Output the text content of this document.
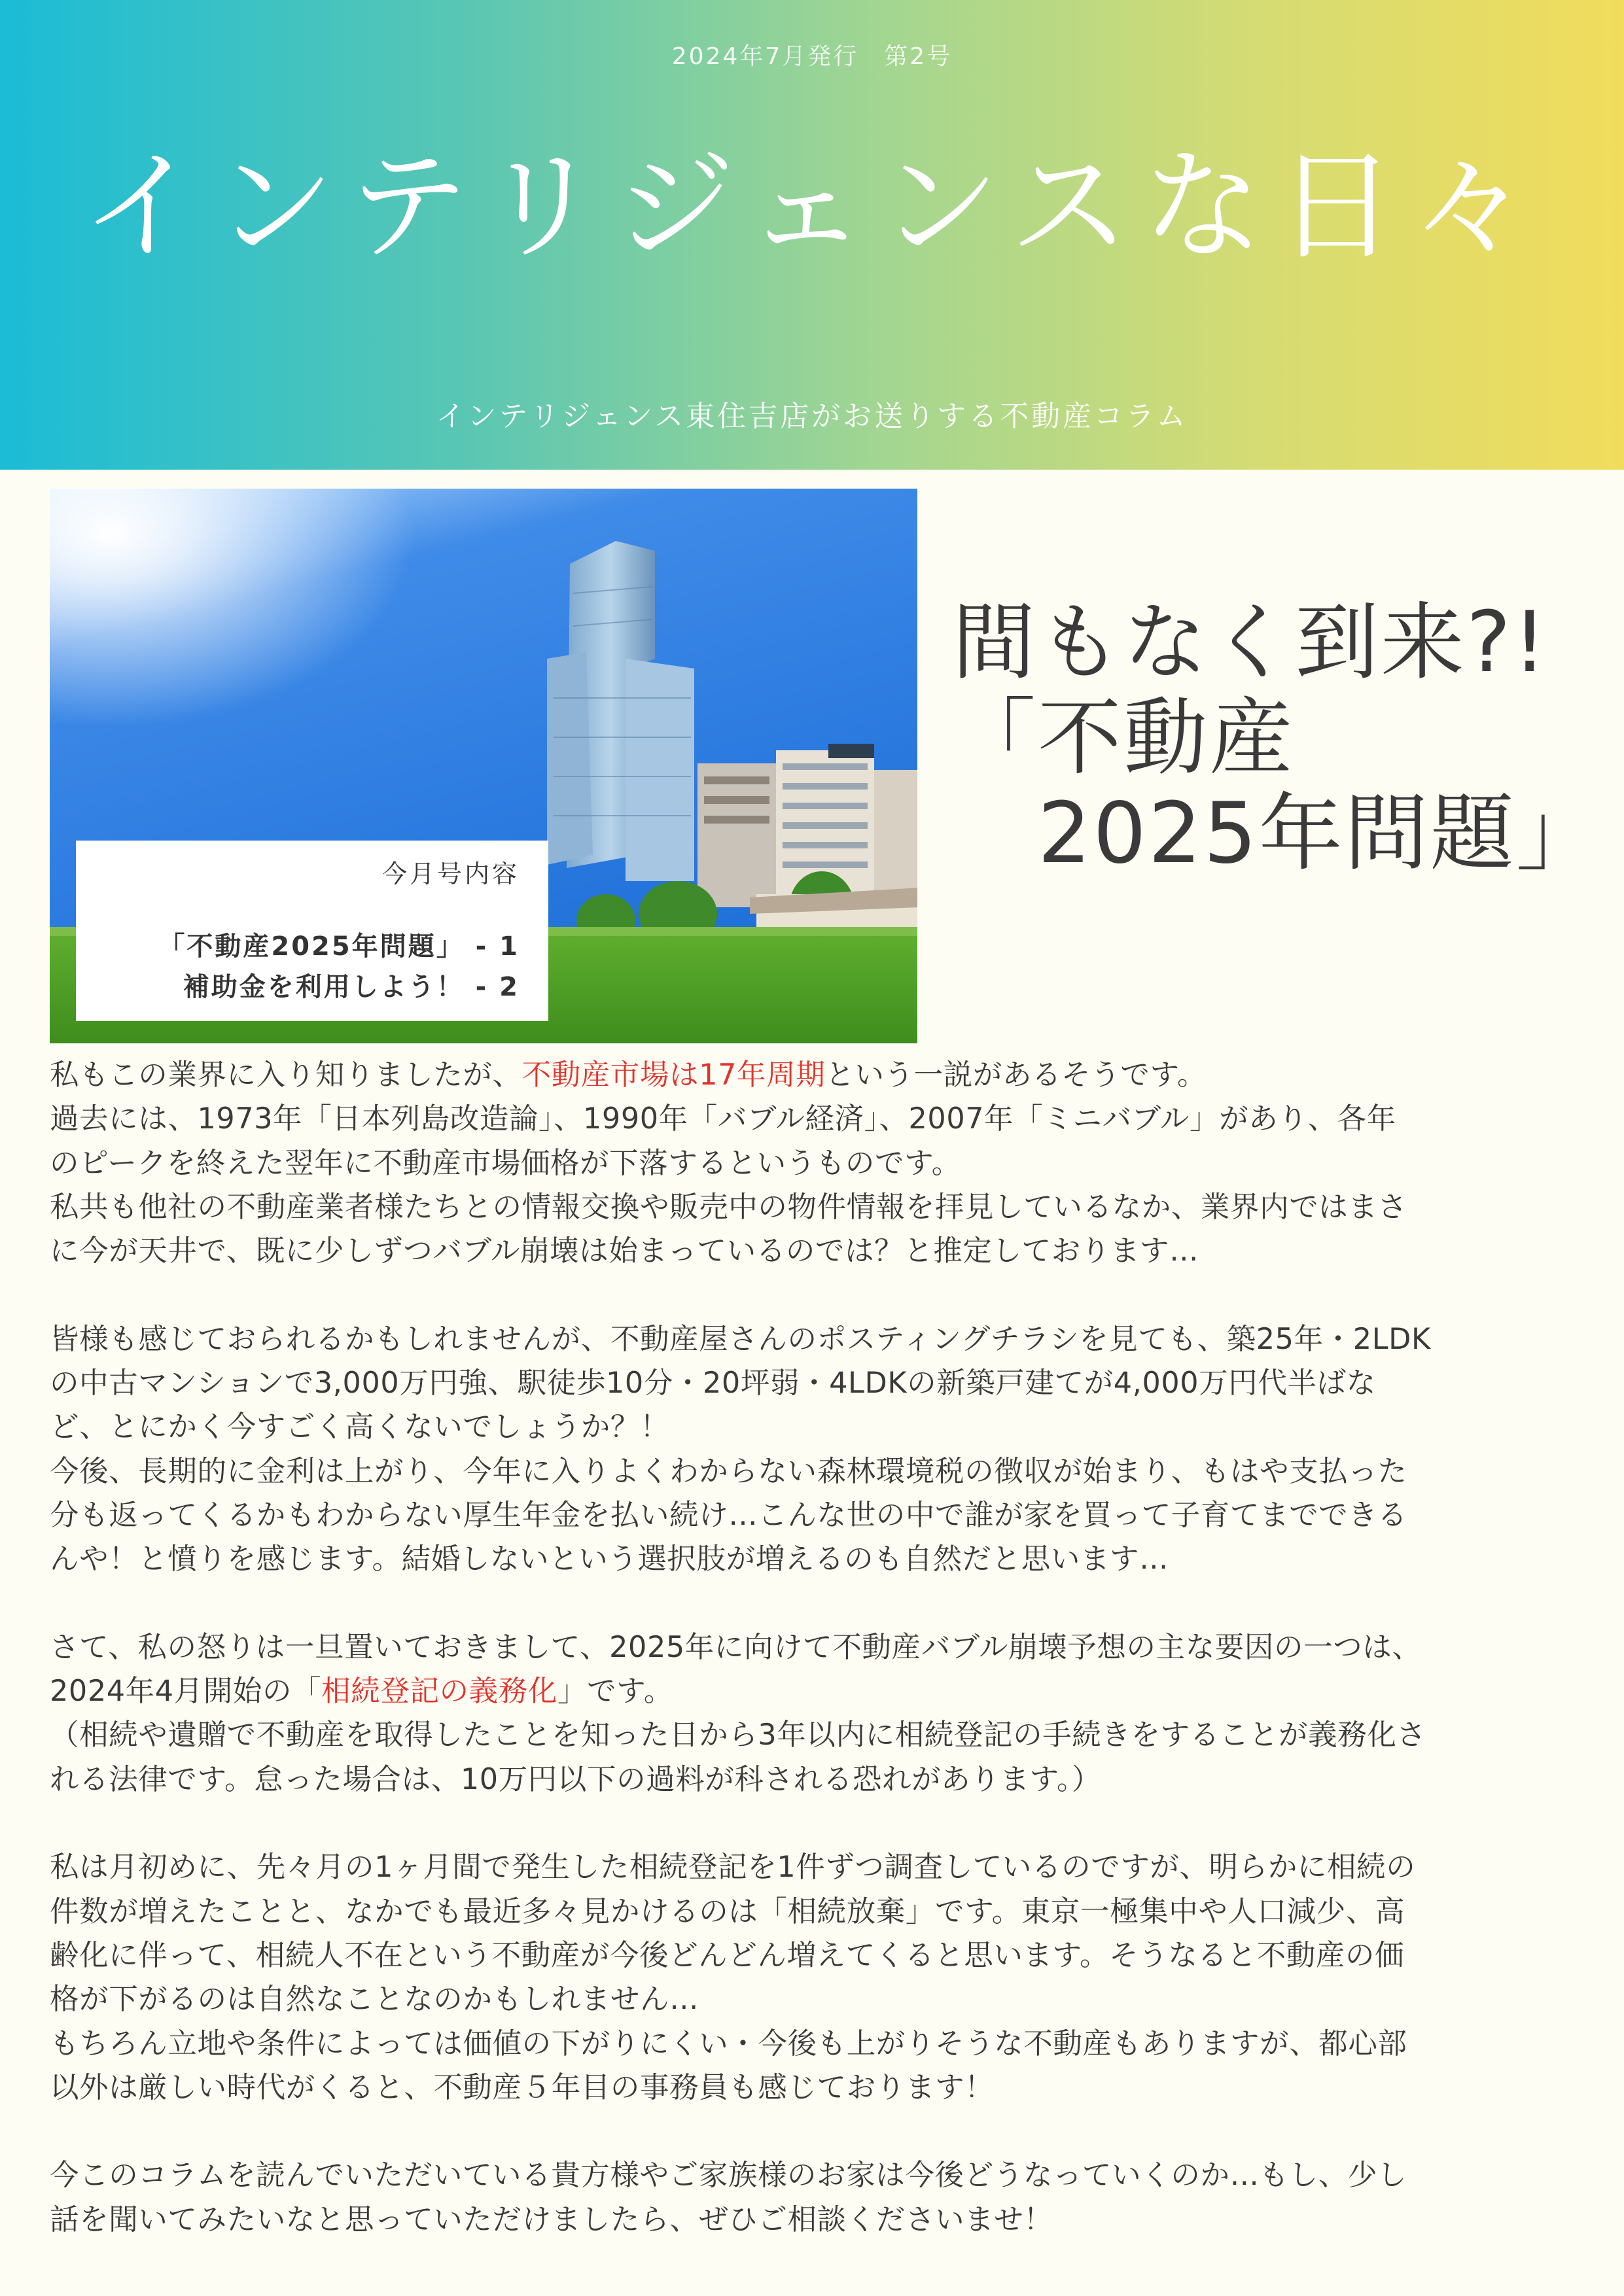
2024年7月発行　第2号
インテリジェンスな日々
インテリジェンス東住吉店がお送りする不動産コラム
今月号内容
「不動産2025年問題」 - 1
補助金を利用しよう！ - 2
間もなく到来?!
「不動産
　2025年問題」

私もこの業界に入り知りましたが、不動産市場は17年周期という一説があるそうです。
過去には、1973年「日本列島改造論」、1990年「バブル経済」、2007年「ミニバブル」があり、各年
のピークを終えた翌年に不動産市場価格が下落するというものです。
私共も他社の不動産業者様たちとの情報交換や販売中の物件情報を拝見しているなか、業界内ではまさ
に今が天井で、既に少しずつバブル崩壊は始まっているのでは？と推定しております…

皆様も感じておられるかもしれませんが、不動産屋さんのポスティングチラシを見ても、築25年・2LDK
の中古マンションで3,000万円強、駅徒歩10分・20坪弱・4LDKの新築戸建てが4,000万円代半ばな
ど、とにかく今すごく高くないでしょうか？！
今後、長期的に金利は上がり、今年に入りよくわからない森林環境税の徴収が始まり、もはや支払った
分も返ってくるかもわからない厚生年金を払い続け…こんな世の中で誰が家を買って子育てまでできる
んや！と憤りを感じます。結婚しないという選択肢が増えるのも自然だと思います…

さて、私の怒りは一旦置いておきまして、2025年に向けて不動産バブル崩壊予想の主な要因の一つは、
2024年4月開始の「相続登記の義務化」です。
（相続や遺贈で不動産を取得したことを知った日から3年以内に相続登記の手続きをすることが義務化さ
れる法律です。怠った場合は、10万円以下の過料が科される恐れがあります。）

私は月初めに、先々月の1ヶ月間で発生した相続登記を1件ずつ調査しているのですが、明らかに相続の
件数が増えたことと、なかでも最近多々見かけるのは「相続放棄」です。東京一極集中や人口減少、高
齢化に伴って、相続人不在という不動産が今後どんどん増えてくると思います。そうなると不動産の価
格が下がるのは自然なことなのかもしれません…
もちろん立地や条件によっては価値の下がりにくい・今後も上がりそうな不動産もありますが、都心部
以外は厳しい時代がくると、不動産５年目の事務員も感じております！

今このコラムを読んでいただいている貴方様やご家族様のお家は今後どうなっていくのか…もし、少し
話を聞いてみたいなと思っていただけましたら、ぜひご相談くださいませ！
